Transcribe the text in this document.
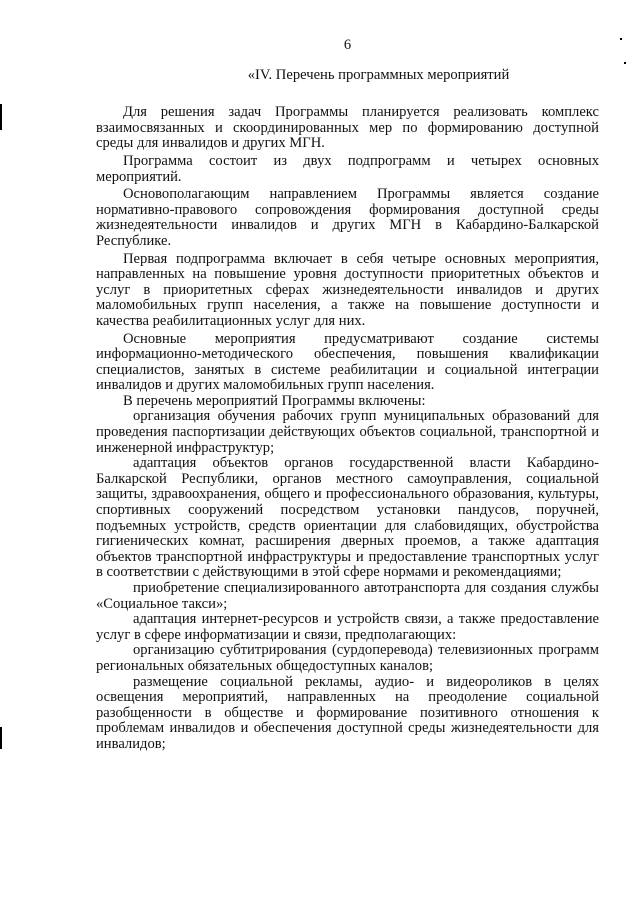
6

«IV. Перечень программных мероприятий

Для решения задач Программы планируется реализовать комплекс взаимосвязанных и скоординированных мер по формированию доступной среды для инвалидов и других МГН.

Программа состоит из двух подпрограмм и четырех основных мероприятий.

Основополагающим направлением Программы является создание нормативно-правового сопровождения формирования доступной среды жизнедеятельности инвалидов и других МГН в Кабардино-Балкарской Республике.

Первая подпрограмма включает в себя четыре основных мероприятия, направленных на повышение уровня доступности приоритетных объектов и услуг в приоритетных сферах жизнедеятельности инвалидов и других маломобильных групп населения, а также на повышение доступности и качества реабилитационных услуг для них.

Основные мероприятия предусматривают создание системы информационно-методического обеспечения, повышения квалификации специалистов, занятых в системе реабилитации и социальной интеграции инвалидов и других маломобильных групп населения.

В перечень мероприятий Программы включены:

организация обучения рабочих групп муниципальных образований для проведения паспортизации действующих объектов социальной, транспортной и инженерной инфраструктур;

адаптация объектов органов государственной власти Кабардино-Балкарской Республики, органов местного самоуправления, социальной защиты, здравоохранения, общего и профессионального образования, культуры, спортивных сооружений посредством установки пандусов, поручней, подъемных устройств, средств ориентации для слабовидящих, обустройства гигиенических комнат, расширения дверных проемов, а также адаптация объектов транспортной инфраструктуры и предоставление транспортных услуг в соответствии с действующими в этой сфере нормами и рекомендациями;

приобретение специализированного автотранспорта для создания службы «Социальное такси»;

адаптация интернет-ресурсов и устройств связи, а также предоставление услуг в сфере информатизации и связи, предполагающих:

организацию субтитрирования (сурдоперевода) телевизионных программ региональных обязательных общедоступных каналов;

размещение социальной рекламы, аудио- и видеороликов в целях освещения мероприятий, направленных на преодоление социальной разобщенности в обществе и формирование позитивного отношения к проблемам инвалидов и обеспечения доступной среды жизнедеятельности для инвалидов;
